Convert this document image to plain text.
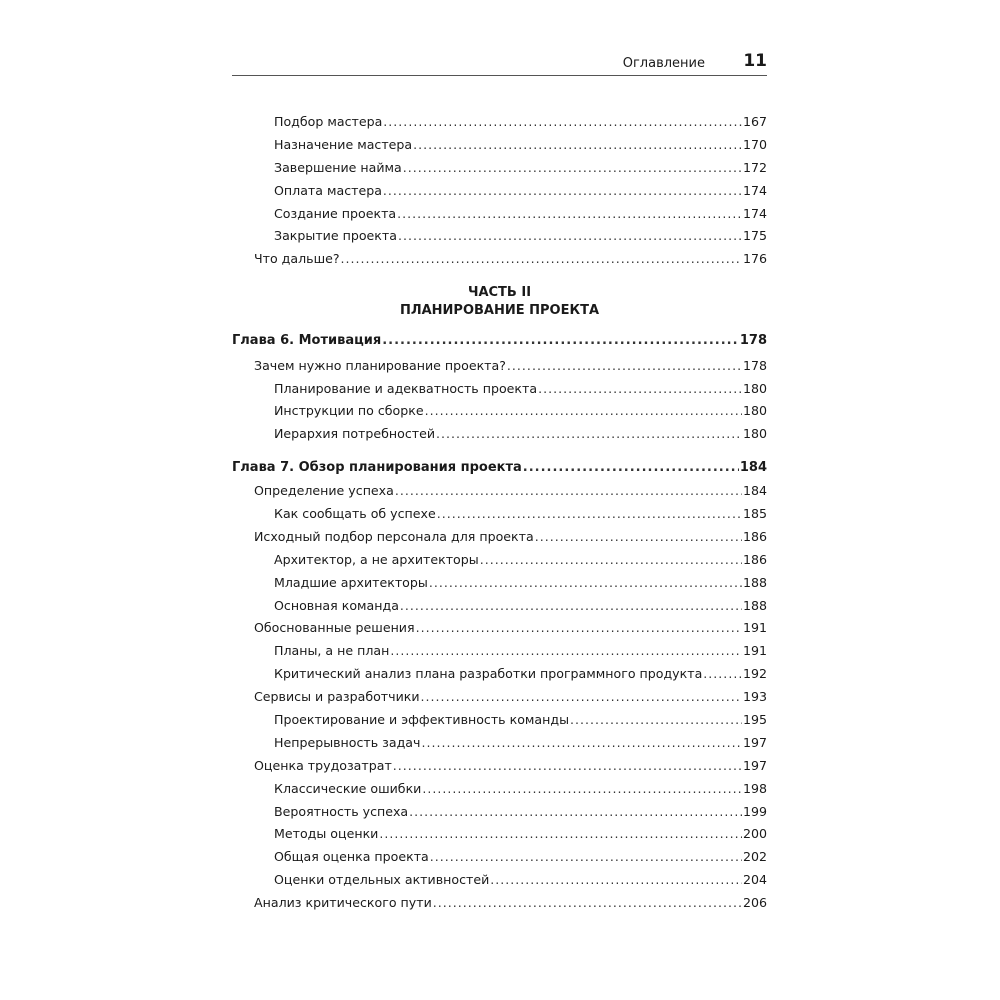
Оглавление 11
Подбор мастера .....	167
Назначение мастера .....	170
Завершение найма .....	172
Оплата мастера .....	174
Создание проекта .....	174
Закрытие проекта .....	175
Что дальше? .....	176
ЧАСТЬ II
ПЛАНИРОВАНИЕ ПРОЕКТА
Глава 6. Мотивация .....	178
Зачем нужно планирование проекта? .....	178
Планирование и адекватность проекта .....	180
Инструкции по сборке .....	180
Иерархия потребностей .....	180
Глава 7. Обзор планирования проекта .....	184
Определение успеха .....	184
Как сообщать об успехе .....	185
Исходный подбор персонала для проекта .....	186
Архитектор, а не архитекторы .....	186
Младшие архитекторы .....	188
Основная команда .....	188
Обоснованные решения .....	191
Планы, а не план .....	191
Критический анализ плана разработки программного продукта .....	192
Сервисы и разработчики .....	193
Проектирование и эффективность команды .....	195
Непрерывность задач .....	197
Оценка трудозатрат .....	197
Классические ошибки .....	198
Вероятность успеха .....	199
Методы оценки .....	200
Общая оценка проекта .....	202
Оценки отдельных активностей .....	204
Анализ критического пути .....	206
